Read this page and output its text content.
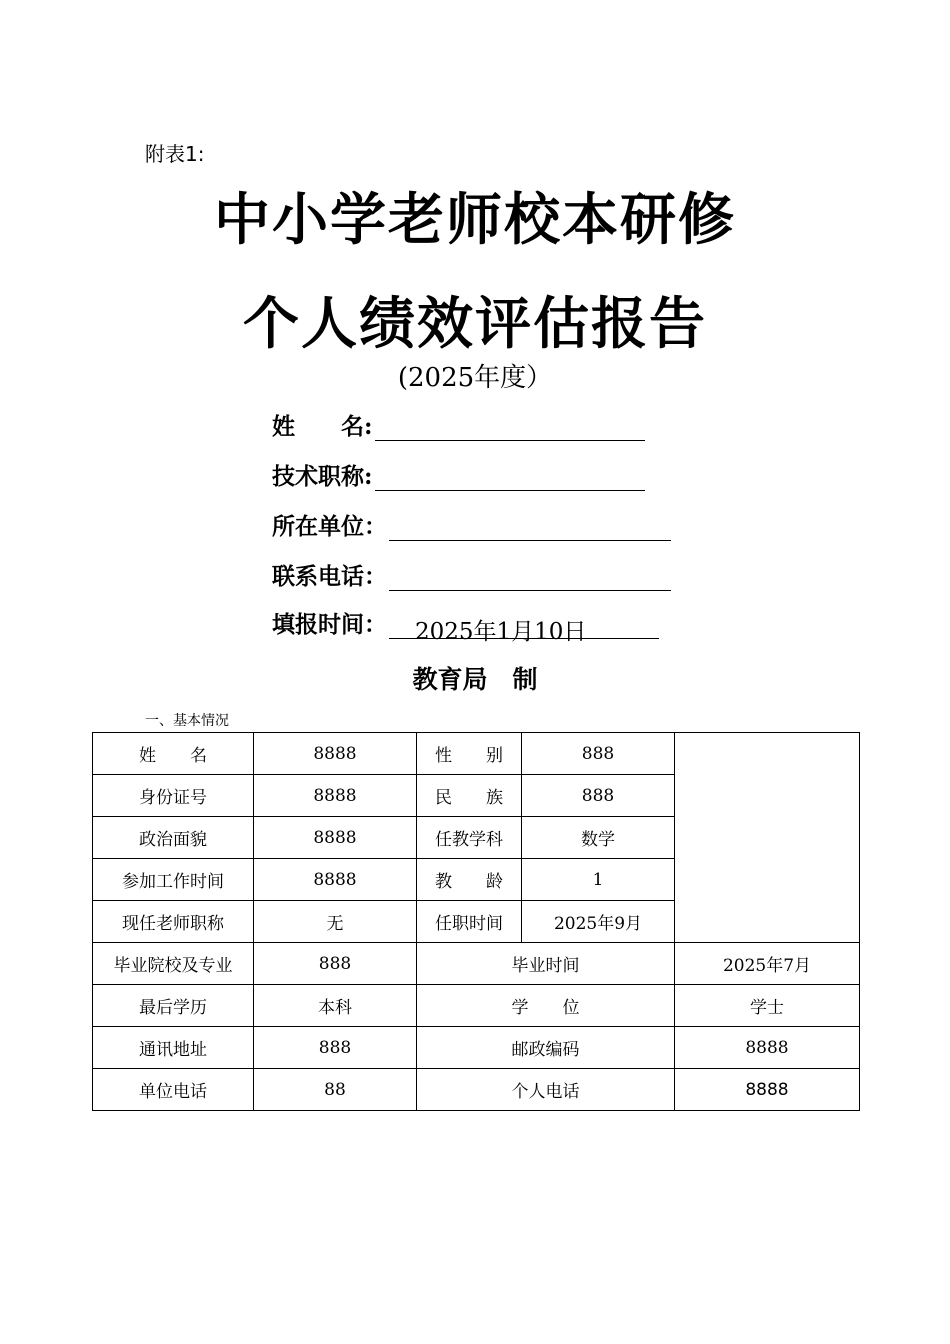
附表1:
中小学老师校本研修
个人绩效评估报告
(2025年度）
姓　　名:
技术职称:
所在单位：
联系电话：
填报时间：	2025年1月10日
教育局　制
一、基本情况
姓　　名	8888	性　　别	888	
身份证号	8888	民　　族	888	
政治面貌	8888	任教学科	数学	
参加工作时间	8888	教　　龄	1	
现任老师职称	无	任职时间	2025年9月	
毕业院校及专业	888	毕业时间		2025年7月
最后学历	本科	学　　位		学士
通讯地址	888	邮政编码		8888
单位电话	88	个人电话		8888
